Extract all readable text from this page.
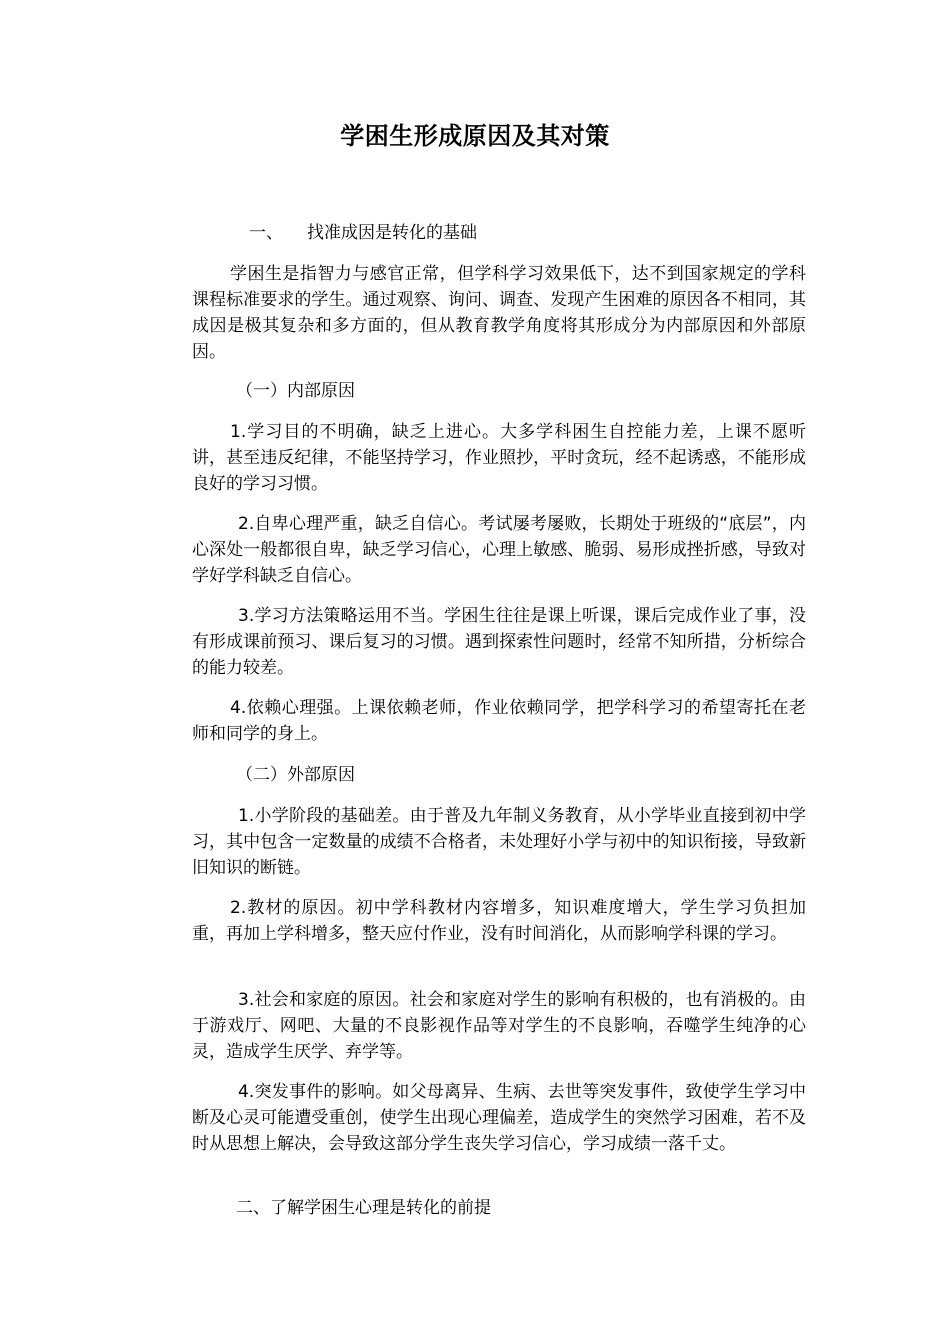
学困生形成原因及其对策
一、 找准成因是转化的基础

学困生是指智力与感官正常，但学科学习效果低下，达不到国家规定的学科课程标准要求的学生。通过观察、询问、调查、发现产生困难的原因各不相同，其成因是极其复杂和多方面的，但从教育教学角度将其形成分为内部原因和外部原因。

（一）内部原因

1.学习目的不明确，缺乏上进心。大多学科困生自控能力差，上课不愿听讲，甚至违反纪律，不能坚持学习，作业照抄，平时贪玩，经不起诱惑，不能形成良好的学习习惯。

2.自卑心理严重，缺乏自信心。考试屡考屡败，长期处于班级的“底层”，内心深处一般都很自卑，缺乏学习信心，心理上敏感、脆弱、易形成挫折感，导致对学好学科缺乏自信心。

3.学习方法策略运用不当。学困生往往是课上听课，课后完成作业了事，没有形成课前预习、课后复习的习惯。遇到探索性问题时，经常不知所措，分析综合的能力较差。

4.依赖心理强。上课依赖老师，作业依赖同学，把学科学习的希望寄托在老师和同学的身上。

（二）外部原因

1.小学阶段的基础差。由于普及九年制义务教育，从小学毕业直接到初中学习，其中包含一定数量的成绩不合格者，未处理好小学与初中的知识衔接，导致新旧知识的断链。

2.教材的原因。初中学科教材内容增多，知识难度增大，学生学习负担加重，再加上学科增多，整天应付作业，没有时间消化，从而影响学科课的学习。

3.社会和家庭的原因。社会和家庭对学生的影响有积极的，也有消极的。由于游戏厅、网吧、大量的不良影视作品等对学生的不良影响，吞噬学生纯净的心灵，造成学生厌学、弃学等。

4.突发事件的影响。如父母离异、生病、去世等突发事件，致使学生学习中断及心灵可能遭受重创，使学生出现心理偏差，造成学生的突然学习困难，若不及时从思想上解决，会导致这部分学生丧失学习信心，学习成绩一落千丈。

二、了解学困生心理是转化的前提
